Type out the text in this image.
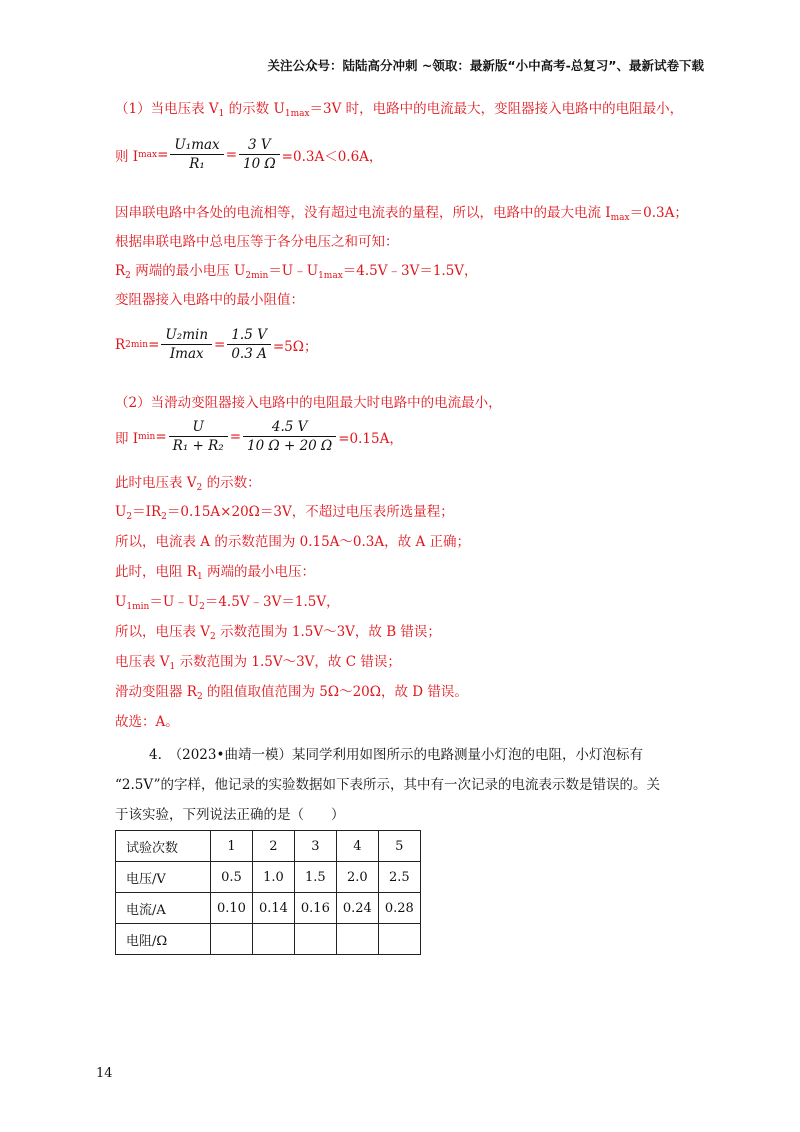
关注公众号：陆陆高分冲刺 ~领取：最新版“小中高考-总复习”、最新试卷下载
（1）当电压表 $V_1$ 的示数 $U_{1max}=3V$ 时，电路中的电流最大，变阻器接入电路中的电阻最小，
则 I $\max = \frac{\text{U₁max}}{\text{R₁}} = \frac{3 V}{10 \Omega} =0.3A<0.6A$，
因串联电路中各处的电流相等，没有超过电流表的量程，所以，电路中的最大电流 $I_{max}=0.3A$；
根据串联电路中总电压等于各分电压之和可知：
$R_2$ 两端的最小电压 $U_{2min}=U﹣U_{1max}=4.5V﹣3V=1.5V$，
变阻器接入电路中的最小阻值：
R $2\min = \frac{\text{U₂min}}{Imax} = \frac{1.5 V}{0.3 A} =5\Omega$；
（2）当滑动变阻器接入电路中的电阻最大时电路中的电流最小，
即 I $\min = \frac{U}{\text{R₁ + R₂}} = \frac{4.5 V}{10 \Omega + 20 \Omega} =0.15A$，
此时电压表 $V_2$ 的示数：
$U_2=IR_2=0.15A\times 20\Omega=3V$，不超过电压表所选量程；
所以，电流表 A 的示数范围为 0.15A～0.3A，故 A 正确；
此时，电阻 $R_1$ 两端的最小电压：
$U_{1min}=U﹣U_2=4.5V﹣3V=1.5V$，
所以，电压表 $V_2$ 示数范围为 1.5V～3V，故 B 错误；
电压表 $V_1$ 示数范围为 1.5V～3V，故 C 错误；
滑动变阻器 $R_2$ 的阻值取值范围为 5Ω～20Ω，故 D 错误。
故选：A。
4.　（2023•曲靖一模）某同学利用如图所示的电路测量小灯泡的电阻，小灯泡标有
“2.5V”的字样，他记录的实验数据如下表所示，其中有一次记录的电流表示数是错误的。关
于该实验，下列说法正确的是（　　）
试验次数	1	2	3	4	5
电压/V	0.5	1.0	1.5	2.0	2.5
电流/A	0.10	0.14	0.16	0.24	0.28
电阻/Ω					
14
